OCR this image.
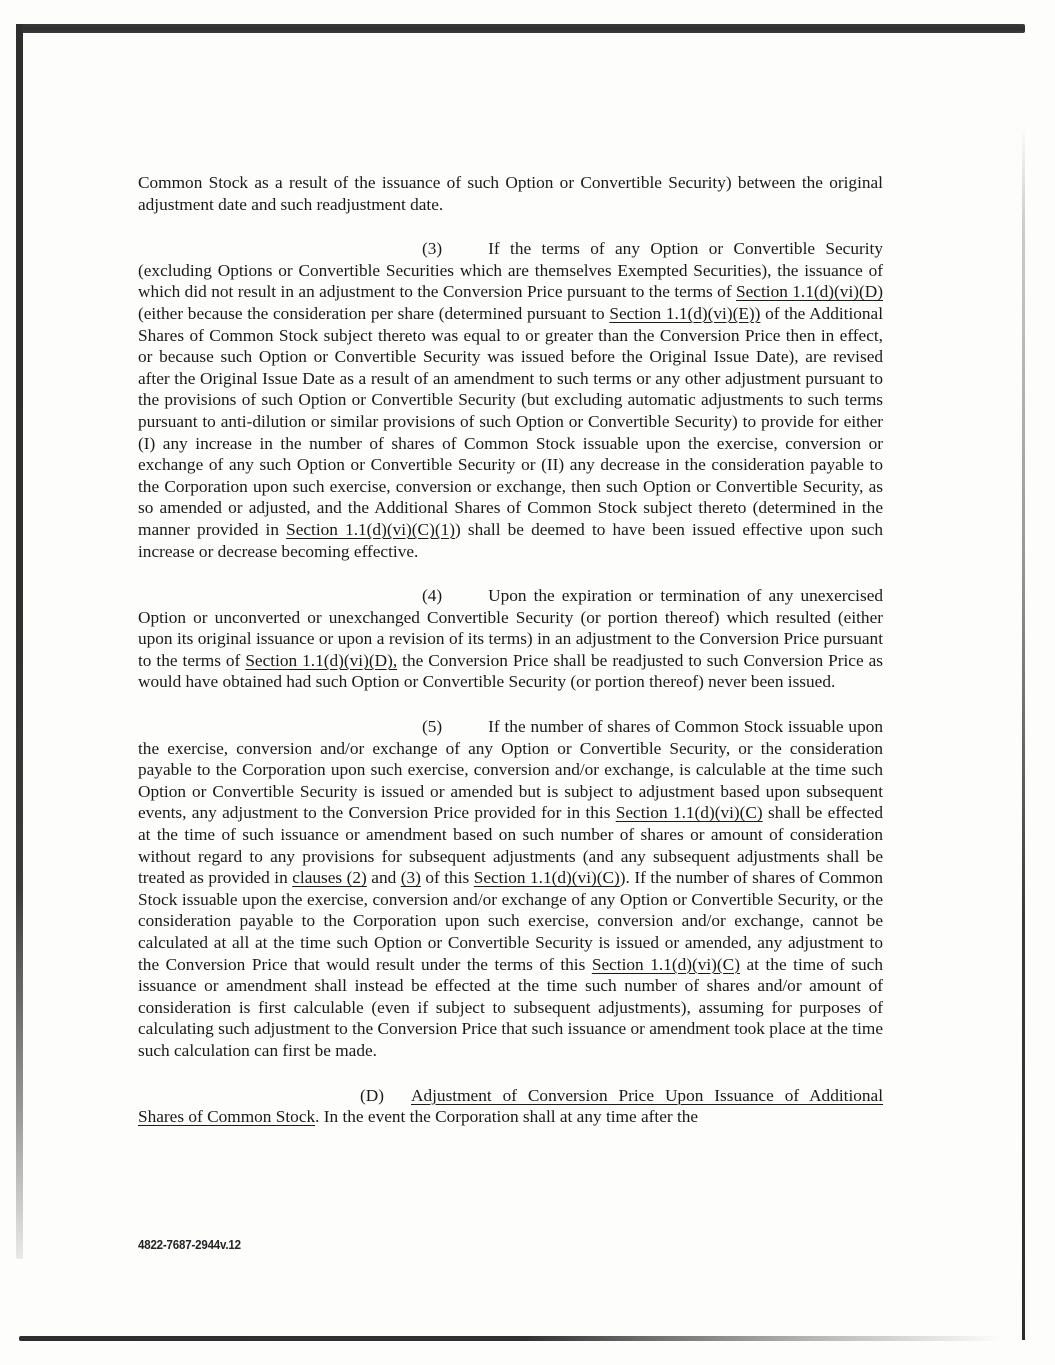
Common Stock as a result of the issuance of such Option or Convertible Security) between the original adjustment date and such readjustment date.

(3)	If the terms of any Option or Convertible Security (excluding Options or Convertible Securities which are themselves Exempted Securities), the issuance of which did not result in an adjustment to the Conversion Price pursuant to the terms of Section 1.1(d)(vi)(D) (either because the consideration per share (determined pursuant to Section 1.1(d)(vi)(E)) of the Additional Shares of Common Stock subject thereto was equal to or greater than the Conversion Price then in effect, or because such Option or Convertible Security was issued before the Original Issue Date), are revised after the Original Issue Date as a result of an amendment to such terms or any other adjustment pursuant to the provisions of such Option or Convertible Security (but excluding automatic adjustments to such terms pursuant to anti-dilution or similar provisions of such Option or Convertible Security) to provide for either (I) any increase in the number of shares of Common Stock issuable upon the exercise, conversion or exchange of any such Option or Convertible Security or (II) any decrease in the consideration payable to the Corporation upon such exercise, conversion or exchange, then such Option or Convertible Security, as so amended or adjusted, and the Additional Shares of Common Stock subject thereto (determined in the manner provided in Section 1.1(d)(vi)(C)(1)) shall be deemed to have been issued effective upon such increase or decrease becoming effective.

(4)	Upon the expiration or termination of any unexercised Option or unconverted or unexchanged Convertible Security (or portion thereof) which resulted (either upon its original issuance or upon a revision of its terms) in an adjustment to the Conversion Price pursuant to the terms of Section 1.1(d)(vi)(D), the Conversion Price shall be readjusted to such Conversion Price as would have obtained had such Option or Convertible Security (or portion thereof) never been issued.

(5)	If the number of shares of Common Stock issuable upon the exercise, conversion and/or exchange of any Option or Convertible Security, or the consideration payable to the Corporation upon such exercise, conversion and/or exchange, is calculable at the time such Option or Convertible Security is issued or amended but is subject to adjustment based upon subsequent events, any adjustment to the Conversion Price provided for in this Section 1.1(d)(vi)(C) shall be effected at the time of such issuance or amendment based on such number of shares or amount of consideration without regard to any provisions for subsequent adjustments (and any subsequent adjustments shall be treated as provided in clauses (2) and (3) of this Section 1.1(d)(vi)(C)). If the number of shares of Common Stock issuable upon the exercise, conversion and/or exchange of any Option or Convertible Security, or the consideration payable to the Corporation upon such exercise, conversion and/or exchange, cannot be calculated at all at the time such Option or Convertible Security is issued or amended, any adjustment to the Conversion Price that would result under the terms of this Section 1.1(d)(vi)(C) at the time of such issuance or amendment shall instead be effected at the time such number of shares and/or amount of consideration is first calculable (even if subject to subsequent adjustments), assuming for purposes of calculating such adjustment to the Conversion Price that such issuance or amendment took place at the time such calculation can first be made.

(D) Adjustment of Conversion Price Upon Issuance of Additional Shares of Common Stock. In the event the Corporation shall at any time after the

4822-7687-2944v.12
